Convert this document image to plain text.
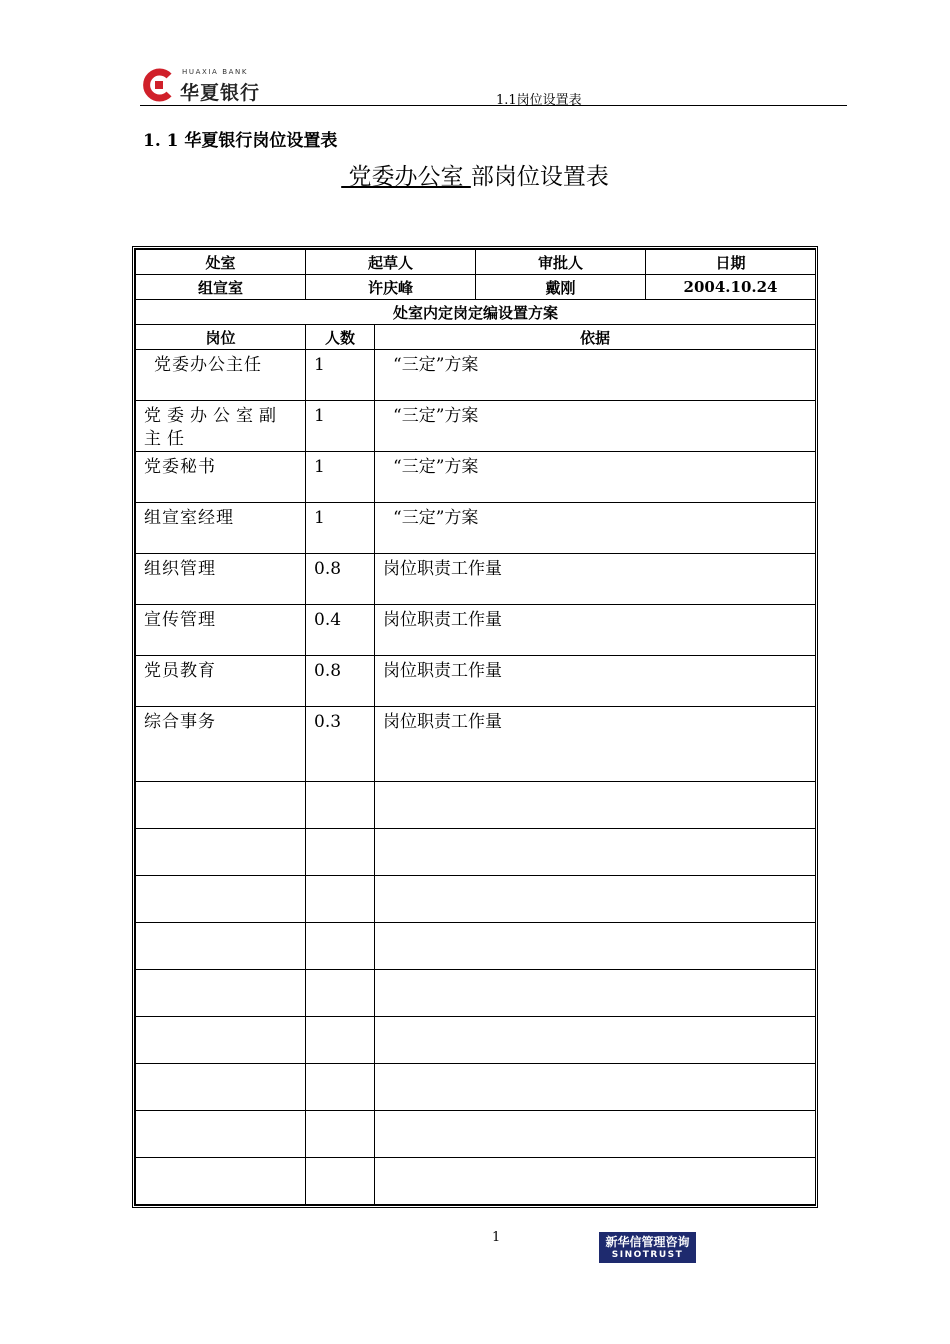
HUAXIA BANK
华夏银行	1.1岗位设置表
1. 1 华夏银行岗位设置表
党委办公室 部岗位设置表
处室	起草人		审批人	日期
组宣室	许庆峰		戴刚	2004.10.24
处室内定岗定编设置方案				
岗位	人数	依据		
党委办公主任	1	“三定”方案		
党委办公室副主任	1	“三定”方案		
党委秘书	1	“三定”方案		
组宣室经理	1	“三定”方案		
组织管理	0.8	岗位职责工作量		
宣传管理	0.4	岗位职责工作量		
党员教育	0.8	岗位职责工作量		
综合事务	0.3	岗位职责工作量		

1	新华信管理咨询
SINOTRUST
